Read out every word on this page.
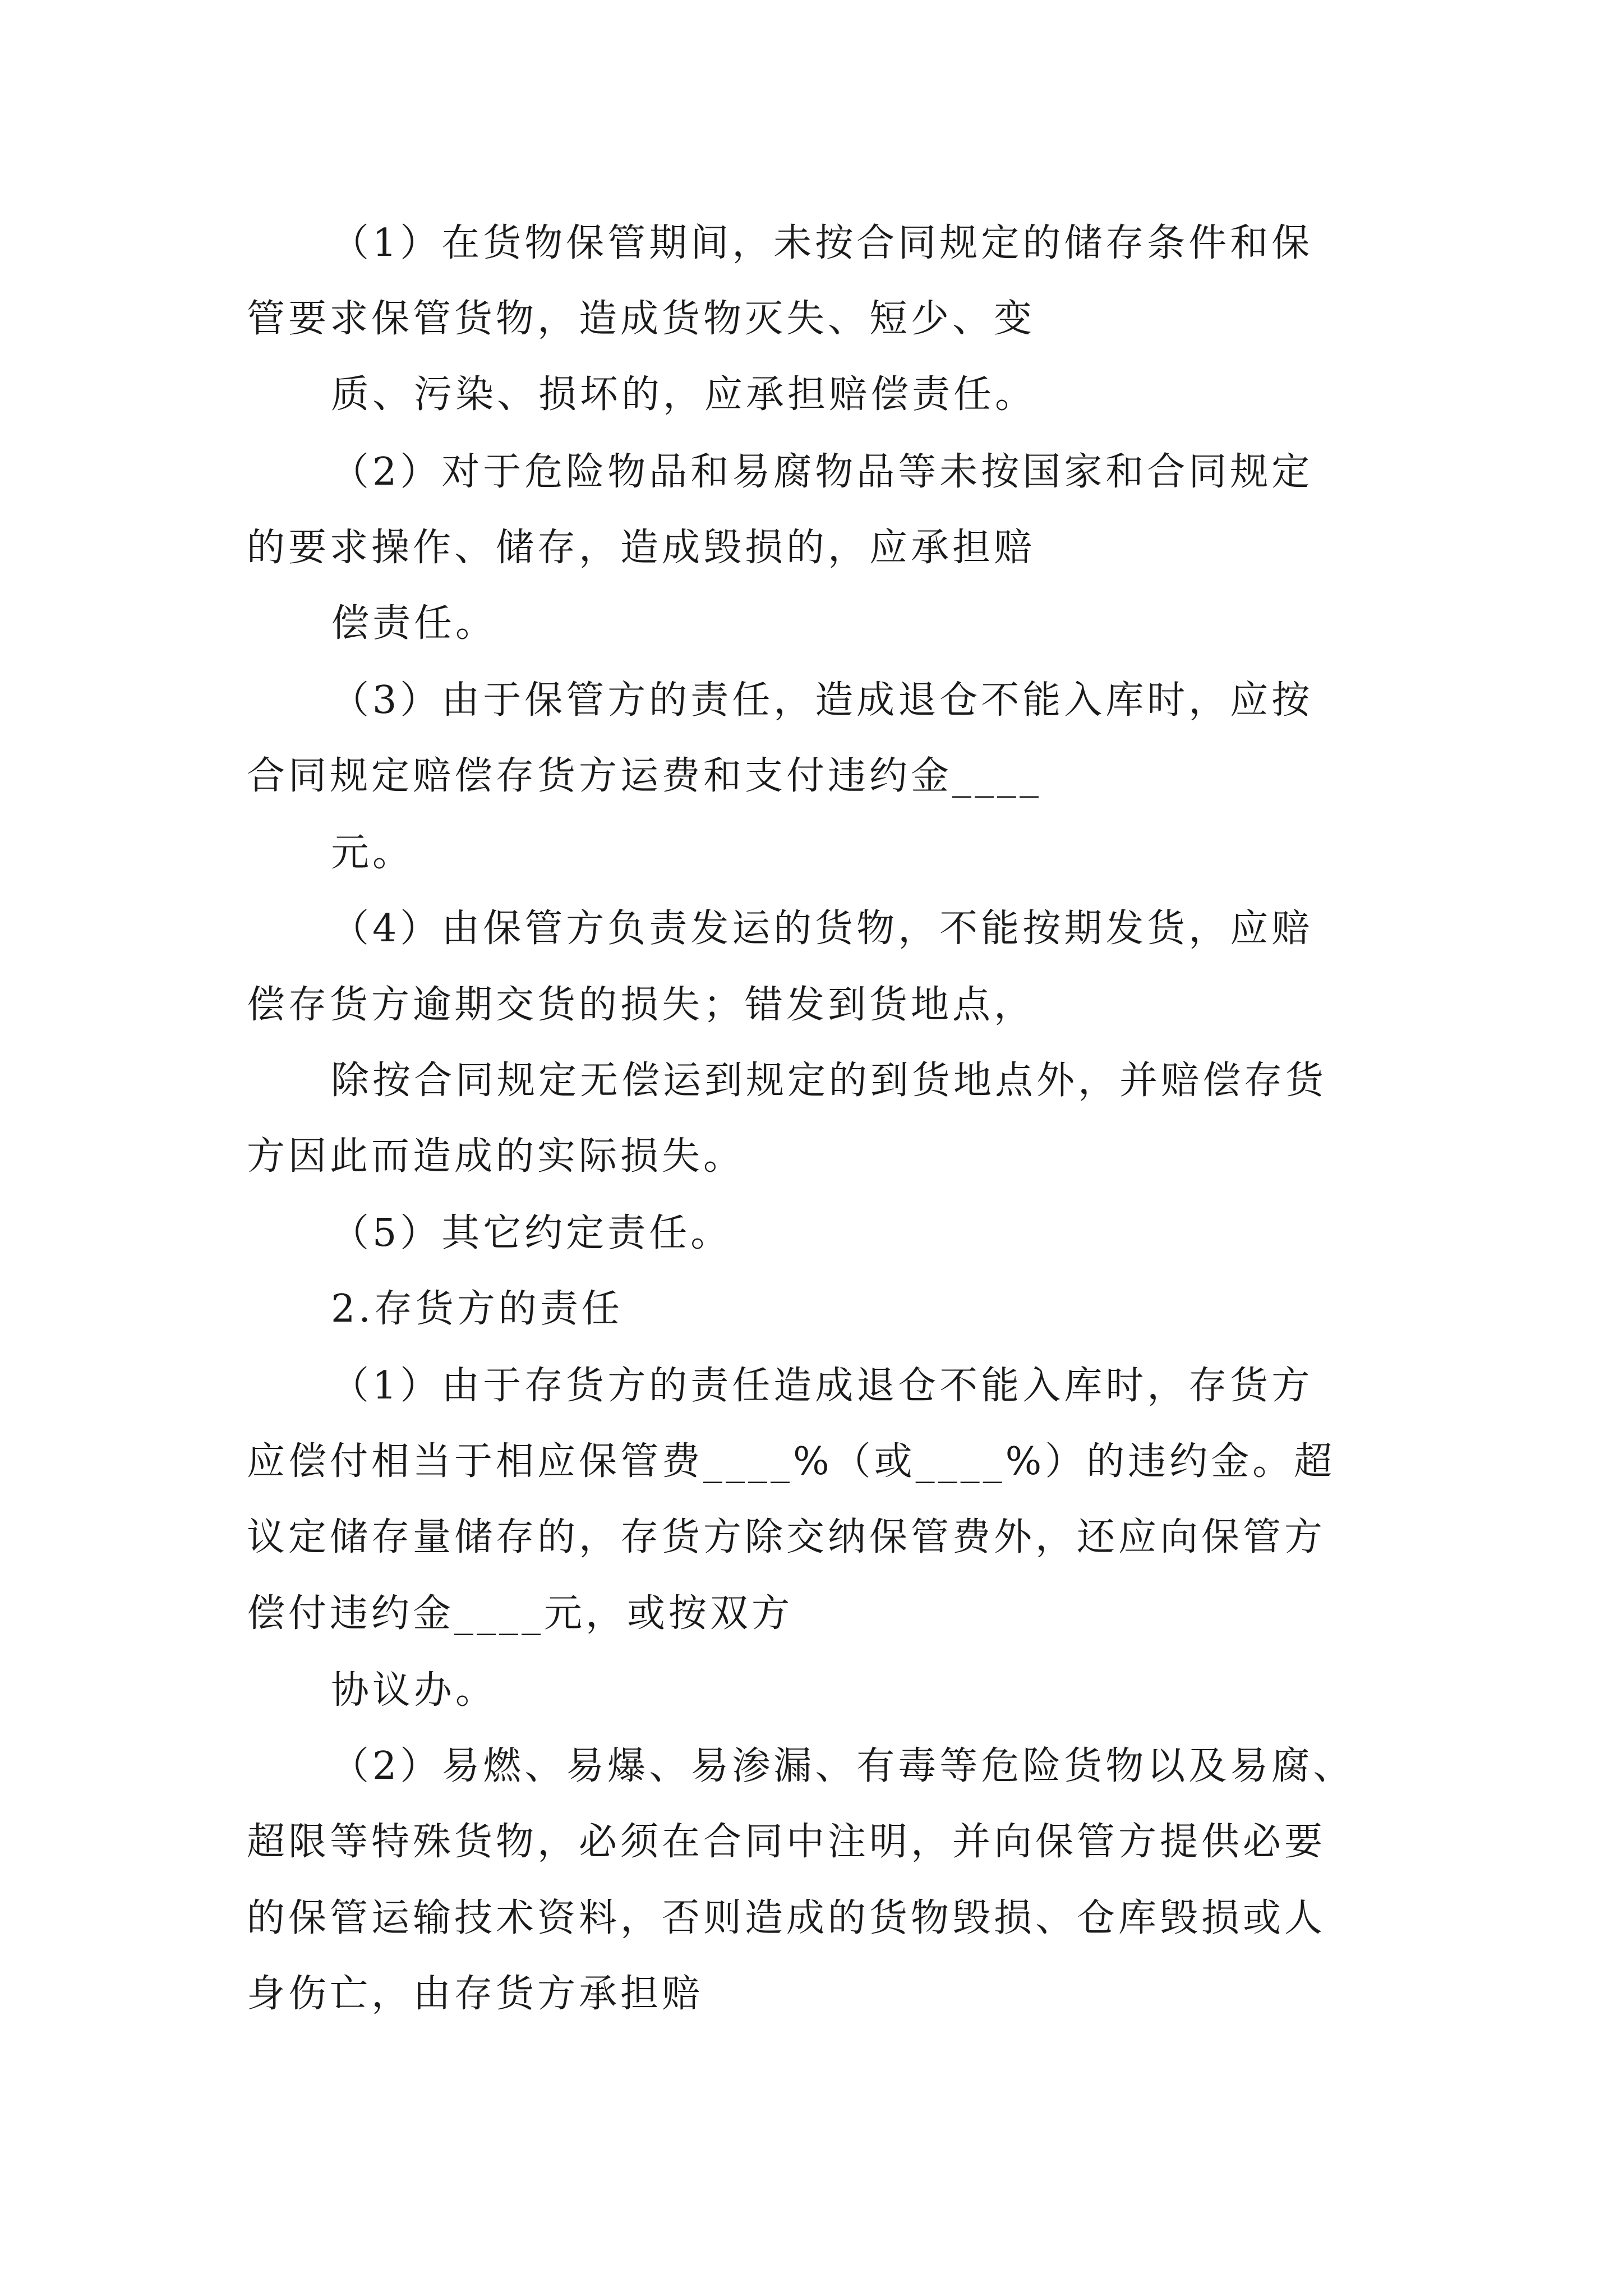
（1）在货物保管期间，未按合同规定的储存条件和保
管要求保管货物，造成货物灭失、短少、变
质、污染、损坏的，应承担赔偿责任。
（2）对于危险物品和易腐物品等未按国家和合同规定
的要求操作、储存，造成毁损的，应承担赔
偿责任。
（3）由于保管方的责任，造成退仓不能入库时，应按
合同规定赔偿存货方运费和支付违约金____
元。
（4）由保管方负责发运的货物，不能按期发货，应赔
偿存货方逾期交货的损失；错发到货地点，
除按合同规定无偿运到规定的到货地点外，并赔偿存货
方因此而造成的实际损失。
（5）其它约定责任。
2.存货方的责任
（1）由于存货方的责任造成退仓不能入库时，存货方
应偿付相当于相应保管费____%（或____%）的违约金。超
议定储存量储存的，存货方除交纳保管费外，还应向保管方
偿付违约金____元，或按双方
协议办。
（2）易燃、易爆、易渗漏、有毒等危险货物以及易腐、
超限等特殊货物，必须在合同中注明，并向保管方提供必要
的保管运输技术资料，否则造成的货物毁损、仓库毁损或人
身伤亡，由存货方承担赔
